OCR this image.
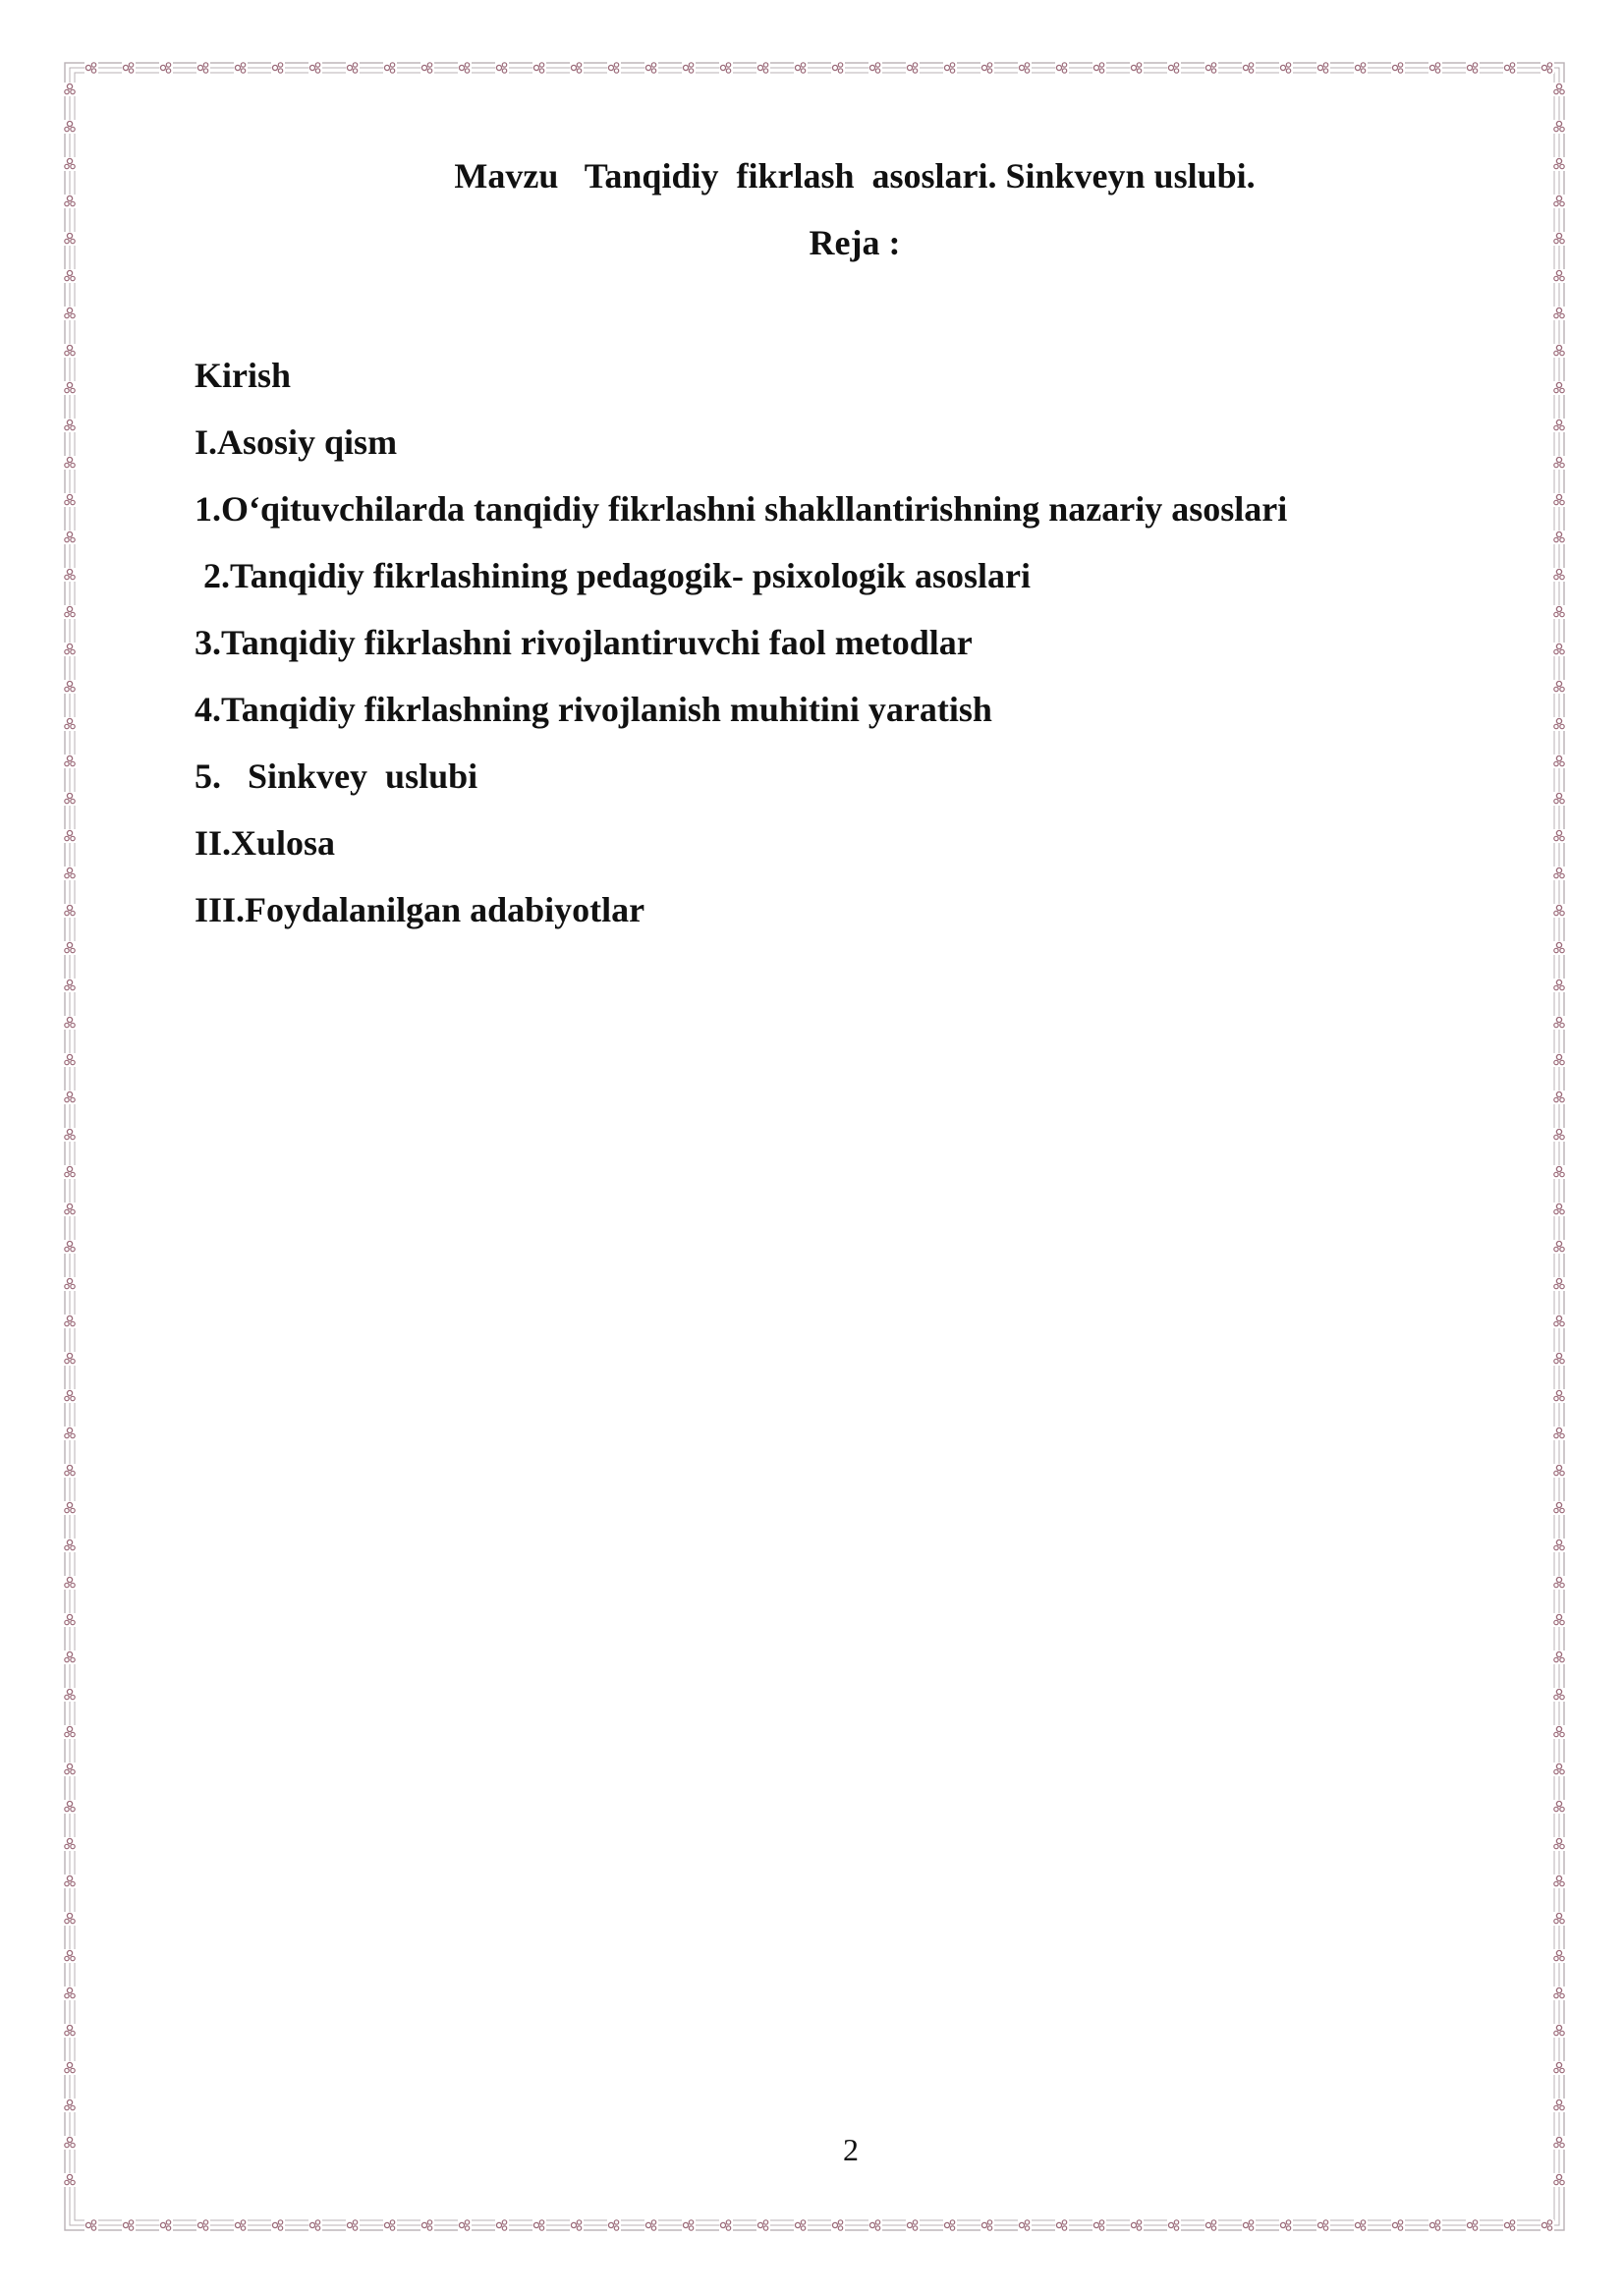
Mavzu   Tanqidiy  fikrlash  asoslari. Sinkveyn uslubi.
Reja :
Kirish
I.Asosiy qism
1.O‘qituvchilarda tanqidiy fikrlashni shakllantirishning nazariy asoslari
2.Tanqidiy fikrlashining pedagogik- psixologik asoslari
3.Tanqidiy fikrlashni rivojlantiruvchi faol metodlar
4.Tanqidiy fikrlashning rivojlanish muhitini yaratish
5.   Sinkvey  uslubi
II.Xulosa
III.Foydalanilgan adabiyotlar
2
